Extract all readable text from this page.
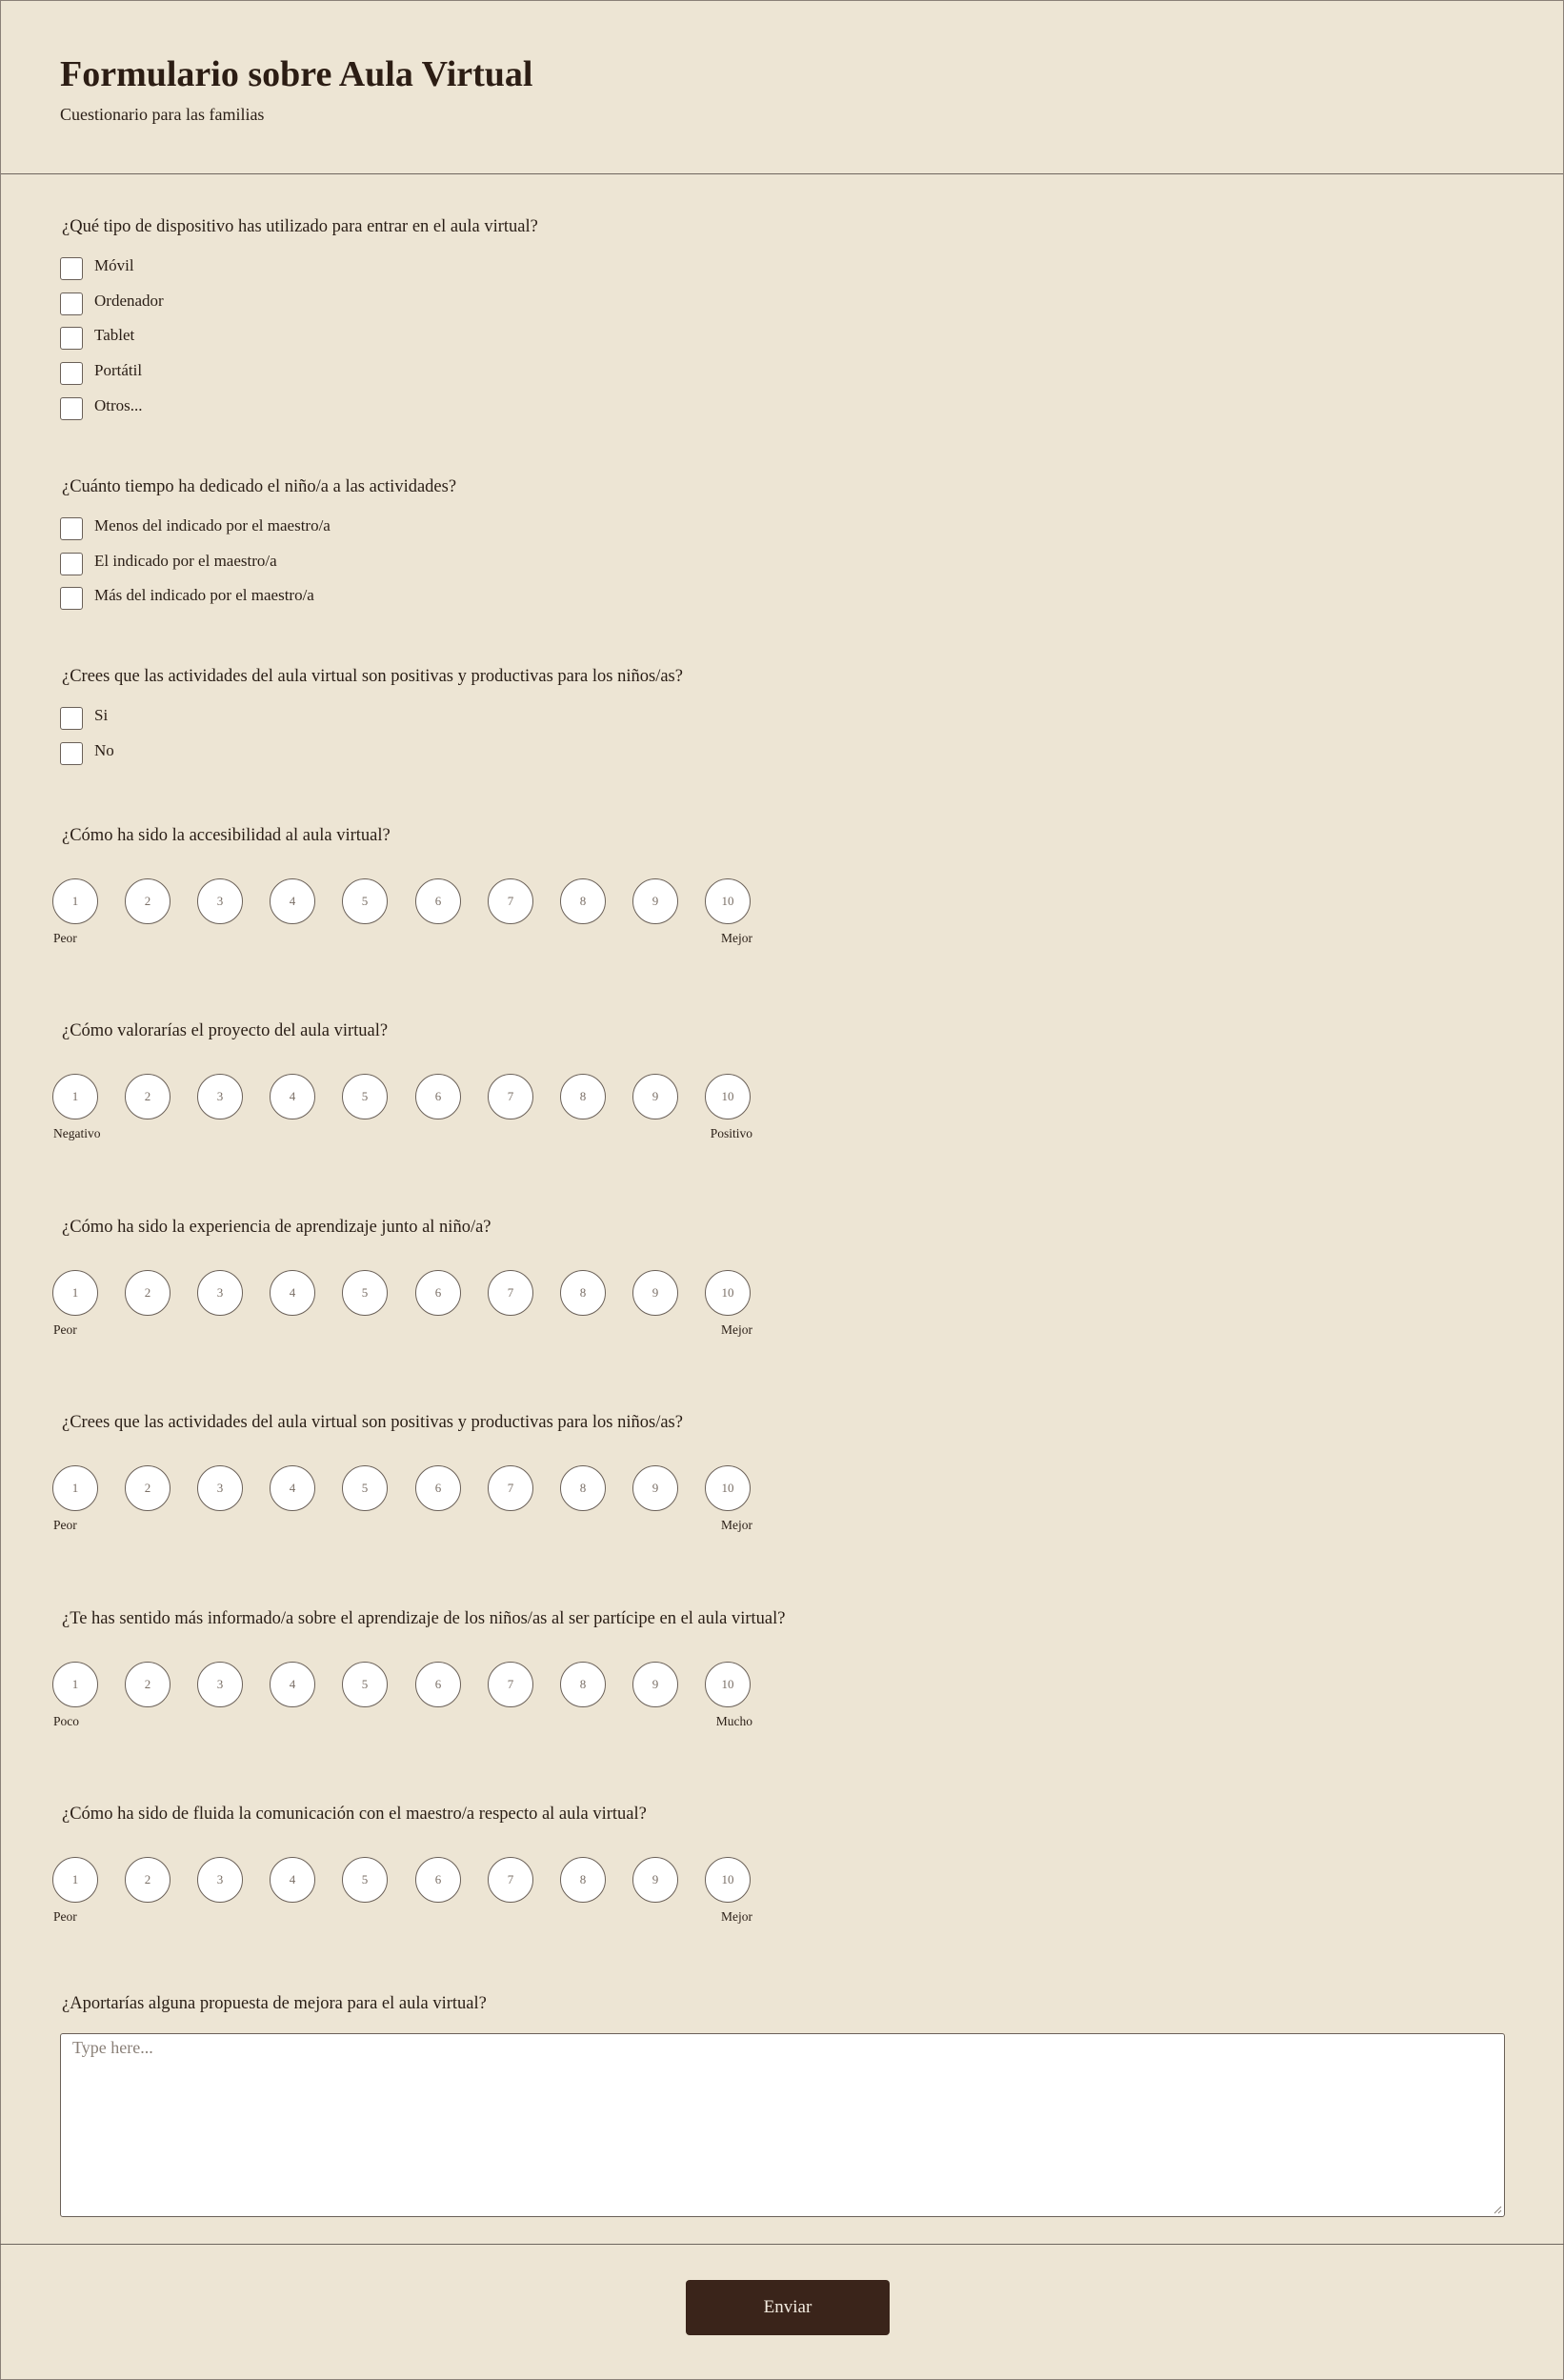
Formulario sobre Aula Virtual
Cuestionario para las familias
¿Qué tipo de dispositivo has utilizado para entrar en el aula virtual?
Móvil
Ordenador
Tablet
Portátil
Otros...
¿Cuánto tiempo ha dedicado el niño/a a las actividades?
Menos del indicado por el maestro/a
El indicado por el maestro/a
Más del indicado por el maestro/a
¿Crees que las actividades del aula virtual son positivas y productivas para los niños/as?
Si
No
¿Cómo ha sido la accesibilidad al aula virtual?
1	2	3	4	5	6	7	8	9	10
Peor	Mejor
¿Cómo valorarías el proyecto del aula virtual?
1	2	3	4	5	6	7	8	9	10
Negativo	Positivo
¿Cómo ha sido la experiencia de aprendizaje junto al niño/a?
1	2	3	4	5	6	7	8	9	10
Peor	Mejor
¿Crees que las actividades del aula virtual son positivas y productivas para los niños/as?
1	2	3	4	5	6	7	8	9	10
Peor	Mejor
¿Te has sentido más informado/a sobre el aprendizaje de los niños/as al ser partícipe en el aula virtual?
1	2	3	4	5	6	7	8	9	10
Poco	Mucho
¿Cómo ha sido de fluida la comunicación con el maestro/a respecto al aula virtual?
1	2	3	4	5	6	7	8	9	10
Peor	Mejor
¿Aportarías alguna propuesta de mejora para el aula virtual?
Type here...
Enviar
